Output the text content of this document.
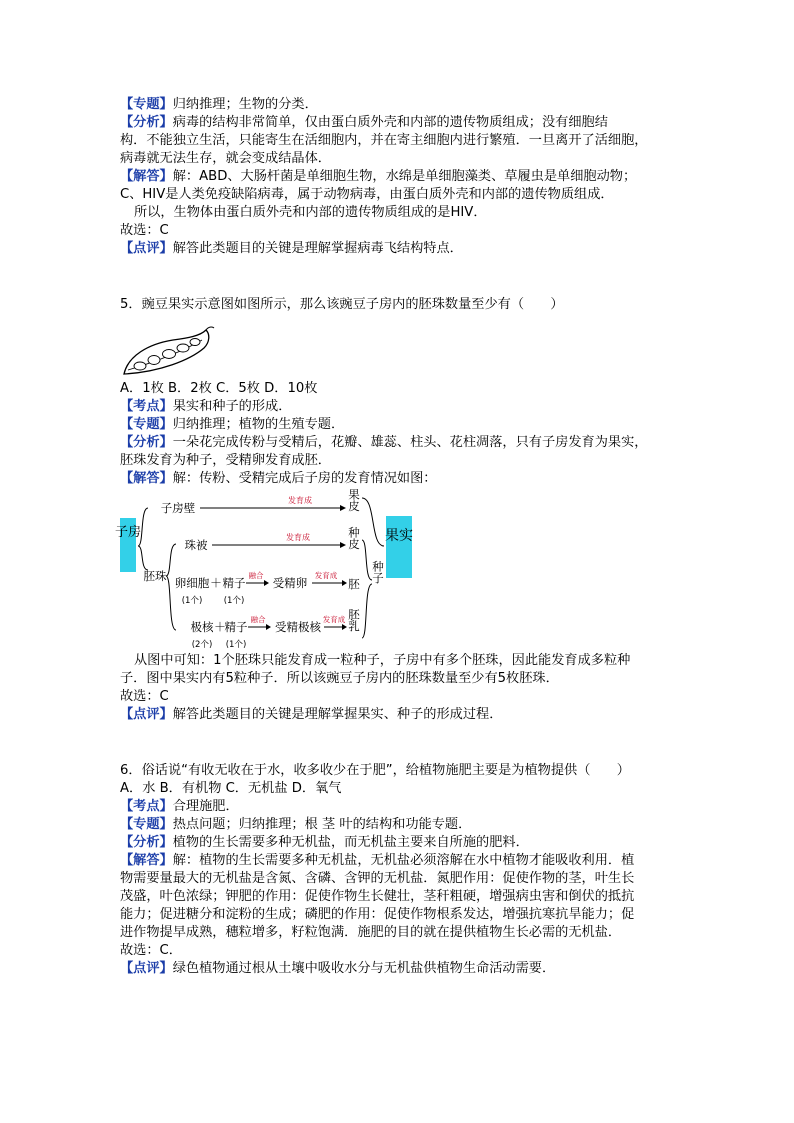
【专题】归纳推理；生物的分类．
【分析】病毒的结构非常简单，仅由蛋白质外壳和内部的遗传物质组成；没有细胞结
构．不能独立生活，只能寄生在活细胞内，并在寄主细胞内进行繁殖．一旦离开了活细胞，
病毒就无法生存，就会变成结晶体．
【解答】解：ABD、大肠杆菌是单细胞生物，水绵是单细胞藻类、草履虫是单细胞动物；
C、HIV是人类免疫缺陷病毒，属于动物病毒，由蛋白质外壳和内部的遗传物质组成．
所以，生物体由蛋白质外壳和内部的遗传物质组成的是HIV．
故选：C
【点评】解答此类题目的关键是理解掌握病毒飞结构特点．
5．豌豆果实示意图如图所示，那么该豌豆子房内的胚珠数量至少有（　　）
A．1枚 B．2枚 C．5枚 D．10枚
【考点】果实和种子的形成．
【专题】归纳推理；植物的生殖专题．
【分析】一朵花完成传粉与受精后，花瓣、雄蕊、柱头、花柱凋落，只有子房发育为果实，
胚珠发育为种子，受精卵发育成胚．
【解答】解：传粉、受精完成后子房的发育情况如图：
子房	果实
子房壁
胚珠
发育成
珠被
发育成
卵细胞 ＋ 精子
(1个)	(1个)
融合
受精卵
发育成
极核 ＋
精子
(2个) (1个)
融合
受精极核
发育成
果皮
种皮
胚
胚乳
种子
从图中可知：1个胚珠只能发育成一粒种子，子房中有多个胚珠，因此能发育成多粒种
子．图中果实内有5粒种子．所以该豌豆子房内的胚珠数量至少有5枚胚珠．
故选：C
【点评】解答此类题目的关键是理解掌握果实、种子的形成过程．
6．俗话说“有收无收在于水，收多收少在于肥”，给植物施肥主要是为植物提供（　　）
A．水 B．有机物 C．无机盐 D．氧气
【考点】合理施肥．
【专题】热点问题；归纳推理；根 茎 叶的结构和功能专题．
【分析】植物的生长需要多种无机盐，而无机盐主要来自所施的肥料．
【解答】解：植物的生长需要多种无机盐，无机盐必须溶解在水中植物才能吸收利用．植
物需要量最大的无机盐是含氮、含磷、含钾的无机盐．氮肥作用：促使作物的茎，叶生长
茂盛，叶色浓绿；钾肥的作用：促使作物生长健壮，茎秆粗硬，增强病虫害和倒伏的抵抗
能力；促进糖分和淀粉的生成；磷肥的作用：促使作物根系发达，增强抗寒抗旱能力；促
进作物提早成熟，穗粒增多，籽粒饱满．施肥的目的就在提供植物生长必需的无机盐．
故选：C．
【点评】绿色植物通过根从土壤中吸收水分与无机盐供植物生命活动需要．
